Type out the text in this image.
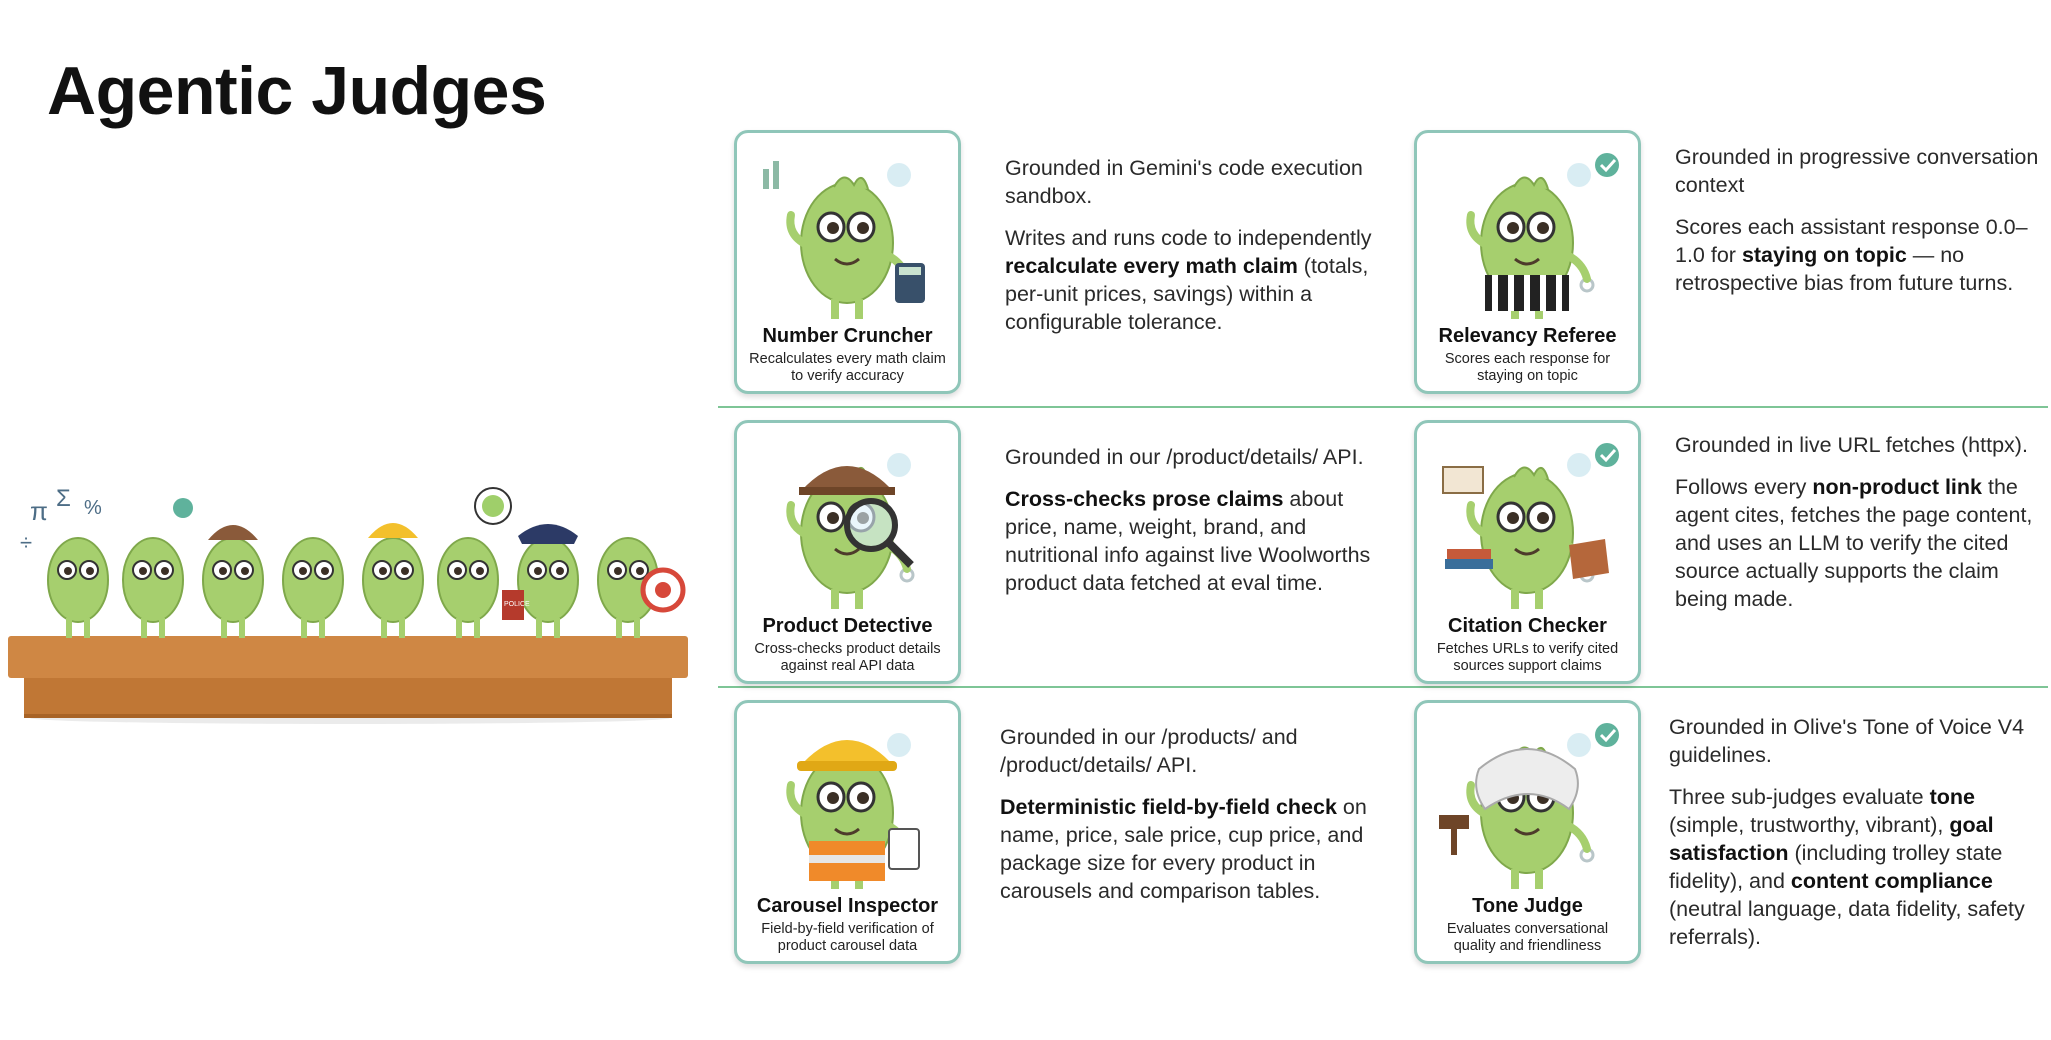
Agentic Judges
π Σ %
÷
POLICE
Number Cruncher
Recalculates every math claim to verify accuracy

Grounded in Gemini's code execution sandbox.

Writes and runs code to independently recalculate every math claim (totals, per-unit prices, savings) within a configurable tolerance.

Relevancy Referee
Scores each response for staying on topic

Grounded in progressive conversation context

Scores each assistant response 0.0–1.0 for staying on topic — no retrospective bias from future turns.

Product Detective
Cross-checks product details against real API data

Grounded in our /product/details/ API.

Cross-checks prose claims about price, name, weight, brand, and nutritional info against live Woolworths product data fetched at eval time.

Citation Checker
Fetches URLs to verify cited sources support claims

Grounded in live URL fetches (httpx).

Follows every non-product link the agent cites, fetches the page content, and uses an LLM to verify the cited source actually supports the claim being made.

Carousel Inspector
Field-by-field verification of product carousel data

Grounded in our /products/ and /product/details/ API.

Deterministic field-by-field check on name, price, sale price, cup price, and package size for every product in carousels and comparison tables.

Tone Judge
Evaluates conversational quality and friendliness

Grounded in Olive's Tone of Voice V4 guidelines.

Three sub-judges evaluate tone (simple, trustworthy, vibrant), goal satisfaction (including trolley state fidelity), and content compliance (neutral language, data fidelity, safety referrals).
